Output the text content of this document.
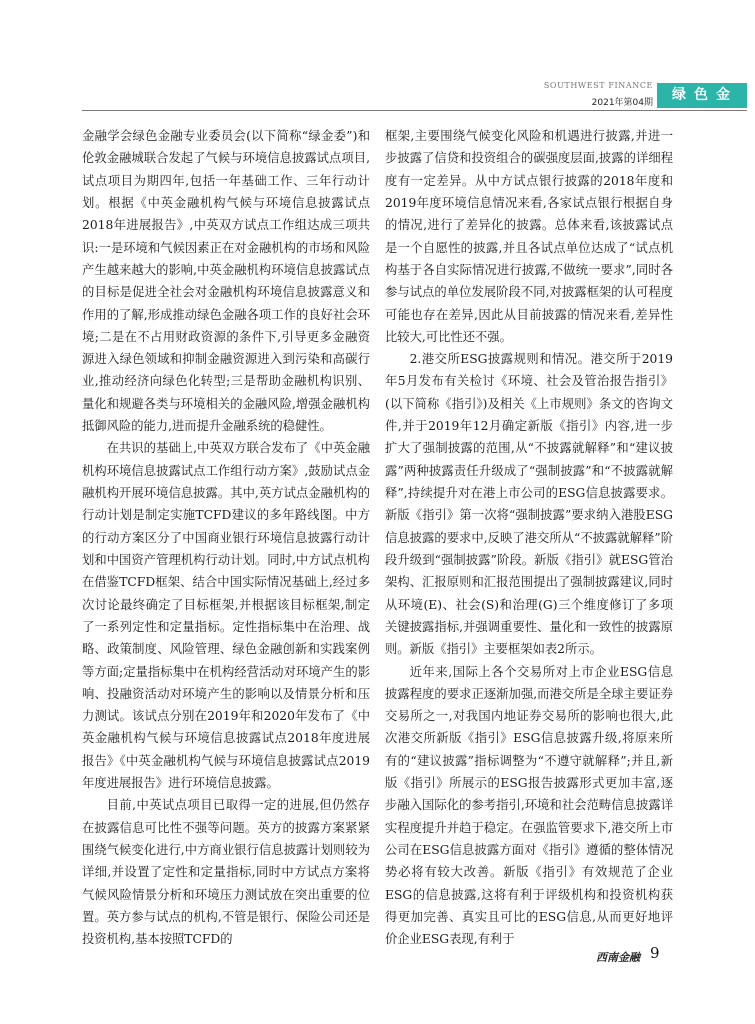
SOUTHWEST FINANCE
2021年第04期	绿色金融

金融学会绿色金融专业委员会(以下简称“绿金委”)和伦敦金融城联合发起了气候与环境信息披露试点项目,试点项目为期四年,包括一年基础工作、三年行动计划。根据《中英金融机构气候与环境信息披露试点2018年进展报告》,中英双方试点工作组达成三项共识:一是环境和气候因素正在对金融机构的市场和风险产生越来越大的影响,中英金融机构环境信息披露试点的目标是促进全社会对金融机构环境信息披露意义和作用的了解,形成推动绿色金融各项工作的良好社会环境;二是在不占用财政资源的条件下,引导更多金融资源进入绿色领域和抑制金融资源进入到污染和高碳行业,推动经济向绿色化转型;三是帮助金融机构识别、量化和规避各类与环境相关的金融风险,增强金融机构抵御风险的能力,进而提升金融系统的稳健性。

在共识的基础上,中英双方联合发布了《中英金融机构环境信息披露试点工作组行动方案》,鼓励试点金融机构开展环境信息披露。其中,英方试点金融机构的行动计划是制定实施TCFD建议的多年路线图。中方的行动方案区分了中国商业银行环境信息披露行动计划和中国资产管理机构行动计划。同时,中方试点机构在借鉴TCFD框架、结合中国实际情况基础上,经过多次讨论最终确定了目标框架,并根据该目标框架,制定了一系列定性和定量指标。定性指标集中在治理、战略、政策制度、风险管理、绿色金融创新和实践案例等方面;定量指标集中在机构经营活动对环境产生的影响、投融资活动对环境产生的影响以及情景分析和压力测试。该试点分别在2019年和2020年发布了《中英金融机构气候与环境信息披露试点2018年度进展报告》《中英金融机构气候与环境信息披露试点2019年度进展报告》进行环境信息披露。

目前,中英试点项目已取得一定的进展,但仍然存在披露信息可比性不强等问题。英方的披露方案紧紧围绕气候变化进行,中方商业银行信息披露计划则较为详细,并设置了定性和定量指标,同时中方试点方案将气候风险情景分析和环境压力测试放在突出重要的位置。英方参与试点的机构,不管是银行、保险公司还是投资机构,基本按照TCFD的

框架,主要围绕气候变化风险和机遇进行披露,并进一步披露了信贷和投资组合的碳强度层面,披露的详细程度有一定差异。从中方试点银行披露的2018年度和2019年度环境信息情况来看,各家试点银行根据自身的情况,进行了差异化的披露。总体来看,该披露试点是一个自愿性的披露,并且各试点单位达成了“试点机构基于各自实际情况进行披露,不做统一要求”,同时各参与试点的单位发展阶段不同,对披露框架的认可程度可能也存在差异,因此从目前披露的情况来看,差异性比较大,可比性还不强。

2.港交所ESG披露规则和情况。港交所于2019年5月发布有关检讨《环境、社会及管治报告指引》(以下简称《指引》)及相关《上市规则》条文的咨询文件,并于2019年12月确定新版《指引》内容,进一步扩大了强制披露的范围,从“不披露就解释”和“建议披露”两种披露责任升级成了“强制披露”和“不披露就解释”,持续提升对在港上市公司的ESG信息披露要求。新版《指引》第一次将“强制披露”要求纳入港股ESG信息披露的要求中,反映了港交所从“不披露就解释”阶段升级到“强制披露”阶段。新版《指引》就ESG管治架构、汇报原则和汇报范围提出了强制披露建议,同时从环境(E)、社会(S)和治理(G)三个维度修订了多项关键披露指标,并强调重要性、量化和一致性的披露原则。新版《指引》主要框架如表2所示。

近年来,国际上各个交易所对上市企业ESG信息披露程度的要求正逐渐加强,而港交所是全球主要证券交易所之一,对我国内地证券交易所的影响也很大,此次港交所新版《指引》ESG信息披露升级,将原来所有的“建议披露”指标调整为“不遵守就解释”;并且,新版《指引》所展示的ESG报告披露形式更加丰富,逐步融入国际化的参考指引,环境和社会范畴信息披露详实程度提升并趋于稳定。在强监管要求下,港交所上市公司在ESG信息披露方面对《指引》遵循的整体情况势必将有较大改善。新版《指引》有效规范了企业ESG的信息披露,这将有利于评级机构和投资机构获得更加完善、真实且可比的ESG信息,从而更好地评价企业ESG表现,有利于

西南金融 9
